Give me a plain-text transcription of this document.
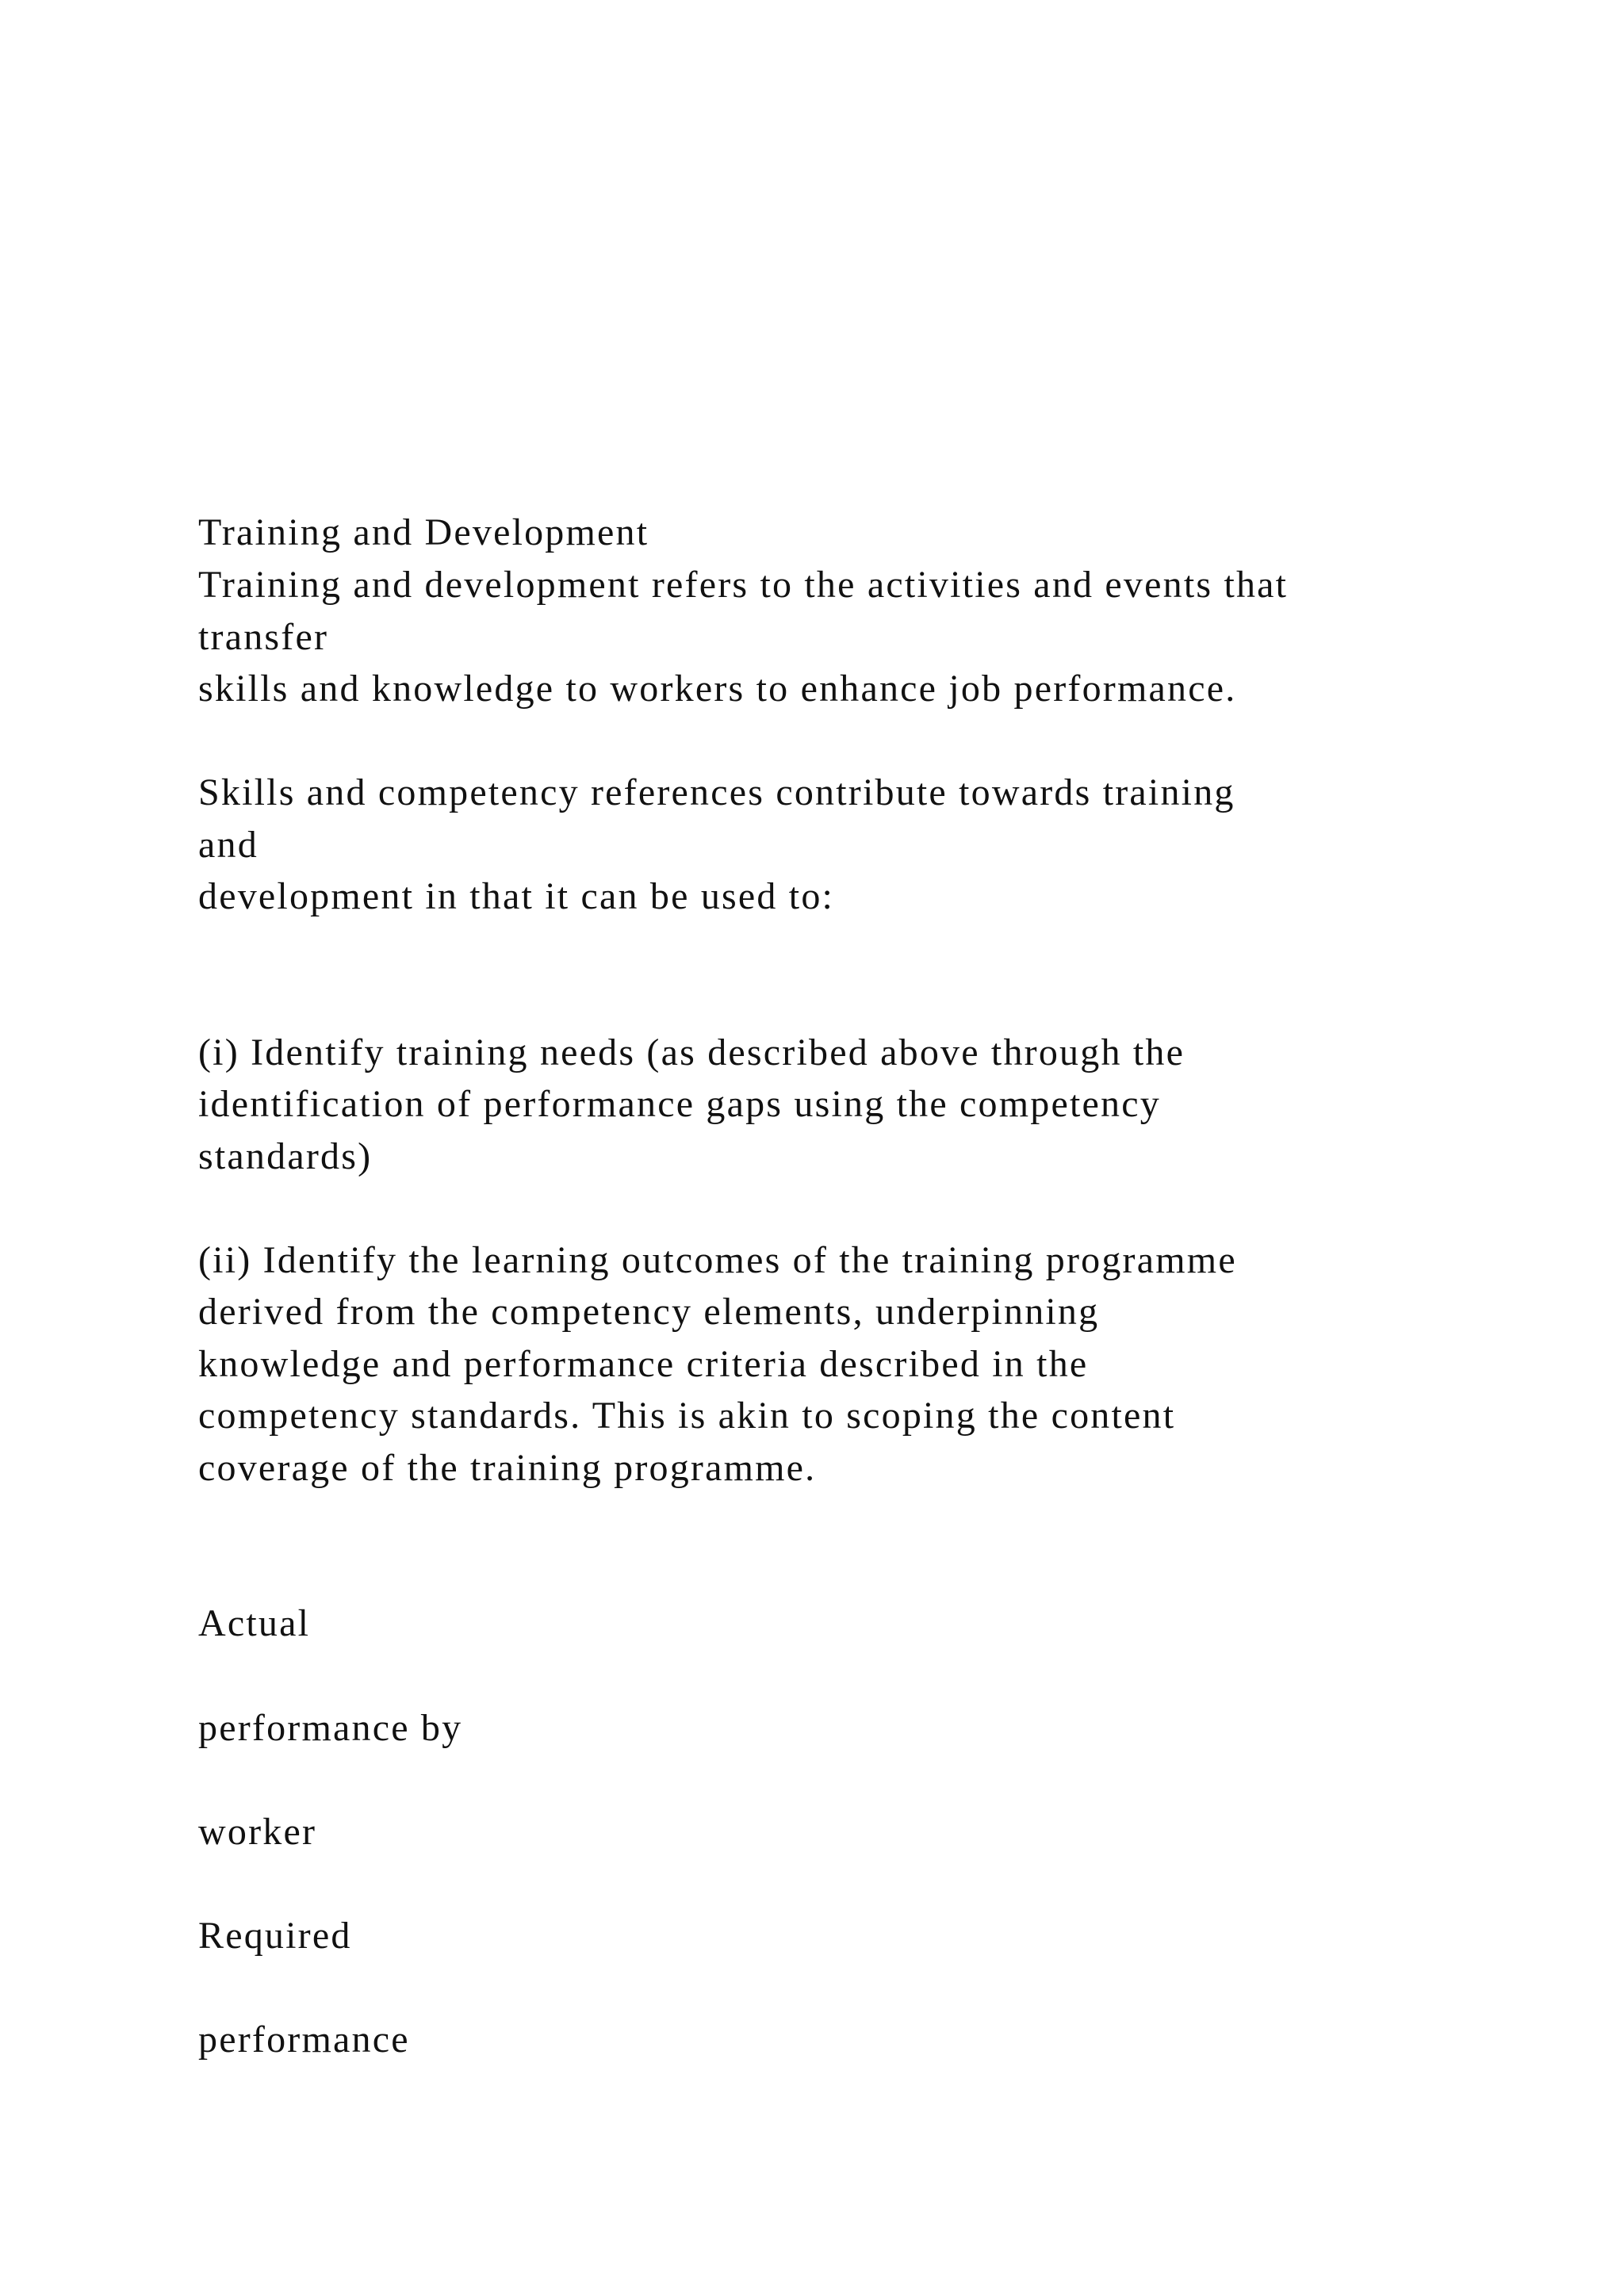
Training and Development

Training and development refers to the activities and events that

transfer

skills and knowledge to workers to enhance job performance.

Skills and competency references contribute towards training

and

development in that it can be used to:

(i) Identify training needs (as described above through the

identification of performance gaps using the competency

standards)

(ii) Identify the learning outcomes of the training programme

derived from the competency elements, underpinning

knowledge and performance criteria described in the

competency standards. This is akin to scoping the content

coverage of the training programme.

Actual

performance by

worker

Required

performance
